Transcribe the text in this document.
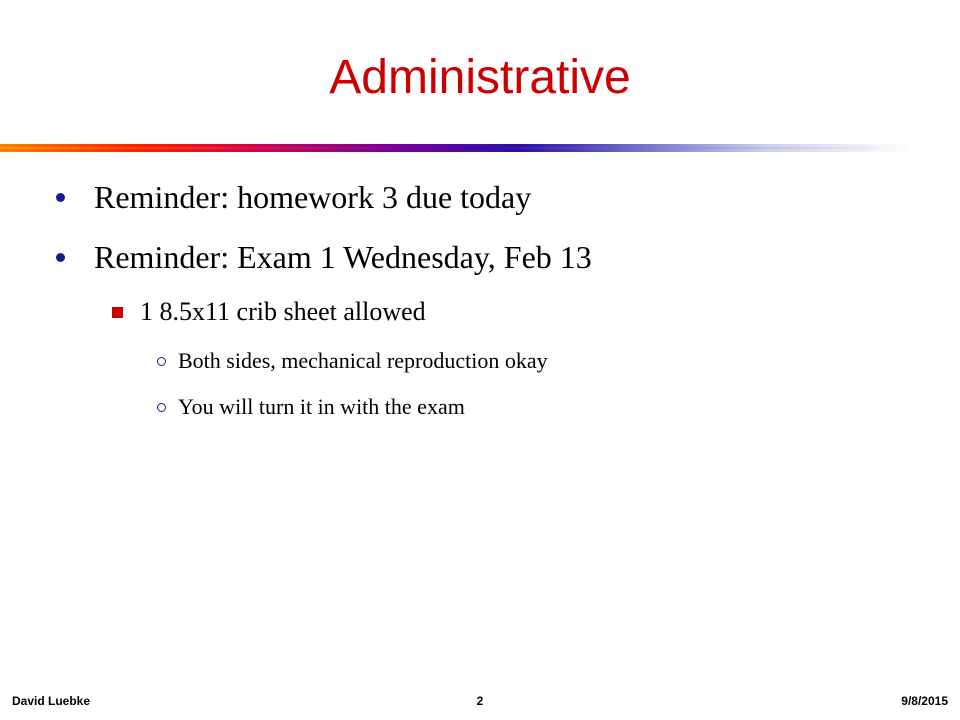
Administrative
Reminder: homework 3 due today
Reminder: Exam 1 Wednesday, Feb 13
1 8.5x11 crib sheet allowed
Both sides, mechanical reproduction okay
You will turn it in with the exam
David Luebke	2	9/8/2015
